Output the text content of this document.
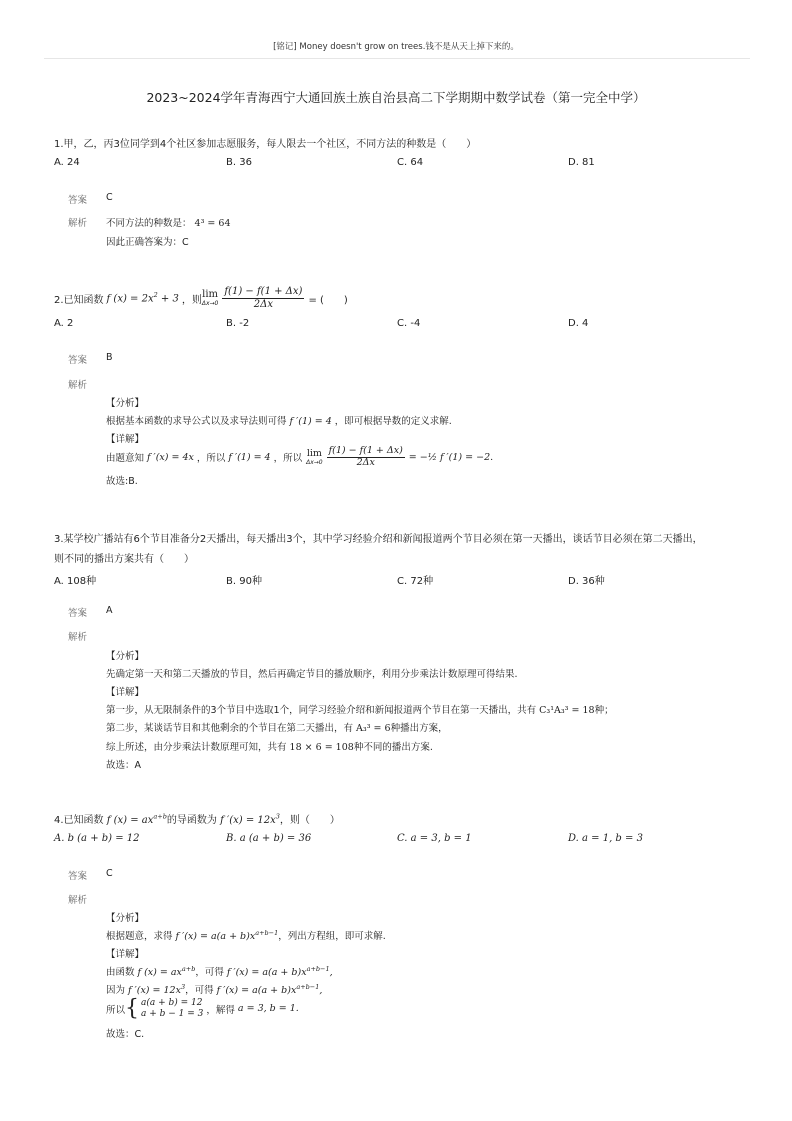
[铭记] Money doesn't grow on trees.钱不是从天上掉下来的。
2023~2024学年青海西宁大通回族土族自治县高二下学期期中数学试卷（第一完全中学）
1.甲，乙，丙3位同学到4个社区参加志愿服务，每人限去一个社区，不同方法的种数是（　　）
A. 24	B. 36	C. 64	D. 81
答案 C
解析 不同方法的种数是： 4³ = 64
因此正确答案为：C
2.已知函数 f $(x) = 2x^2 + 3$ ，则 lim
$\Delta x\to 0 \frac{f(1) - f(1 + \Delta x)}{2\Delta x}$ = (　　)
A. 2	B. -2	C. -4	D. 4
答案 B
解析
【分析】
根据基本函数的求导公式以及求导法则可得 f ′(1) = 4 ，即可根据导数的定义求解.
【详解】
由题意知 f ′(x) = 4x ，所以 f ′(1) = 4 ，所以 lim
$\Delta x\to 0 \frac{f(1) - f(1 + \Delta x)}{2\Delta x}$ = −½ f ′(1) = −2.
故选:B.
3.某学校广播站有6个节目准备分2天播出，每天播出3个，其中学习经验介绍和新闻报道两个节目必须在第一天播出，谈话节目必须在第二天播出，
则不同的播出方案共有（　　）
A. 108种	B. 90种	C. 72种	D. 36种
答案 A
解析
【分析】
先确定第一天和第二天播放的节目，然后再确定节目的播放顺序，利用分步乘法计数原理可得结果.
【详解】
第一步，从无限制条件的3个节目中选取1个，同学习经验介绍和新闻报道两个节目在第一天播出，共有 C₃¹A₃³ = 18种；
第二步，某谈话节目和其他剩余的个节目在第二天播出，有 A₃³ = 6种播出方案，
综上所述，由分步乘法计数原理可知，共有 18 × 6 = 108种不同的播出方案.
故选：A
4.已知函数 f $(x) = ax^{a+b}$的导函数为 f $'(x) = 12x^3$，则（　　）
A. b (a + b) = 12	B. a (a + b) = 36	C. a = 3, b = 1	D. a = 1, b = 3
答案 C
解析
【分析】
根据题意，求得 f $'(x) = a(a + b)x^{a+b-1}$，列出方程组，即可求解.
【详解】
由函数 f $(x) = ax^{a+b}$，可得 f $'(x) = a(a + b)x^{a+b-1}$,
因为 f $'(x) = 12x^3$，可得 f $'(x) = a(a + b)x^{a+b-1}$,
所以 { a(a + b) = 12
a + b − 1 = 3 ，解得 a = 3, b = 1.
故选：C.
